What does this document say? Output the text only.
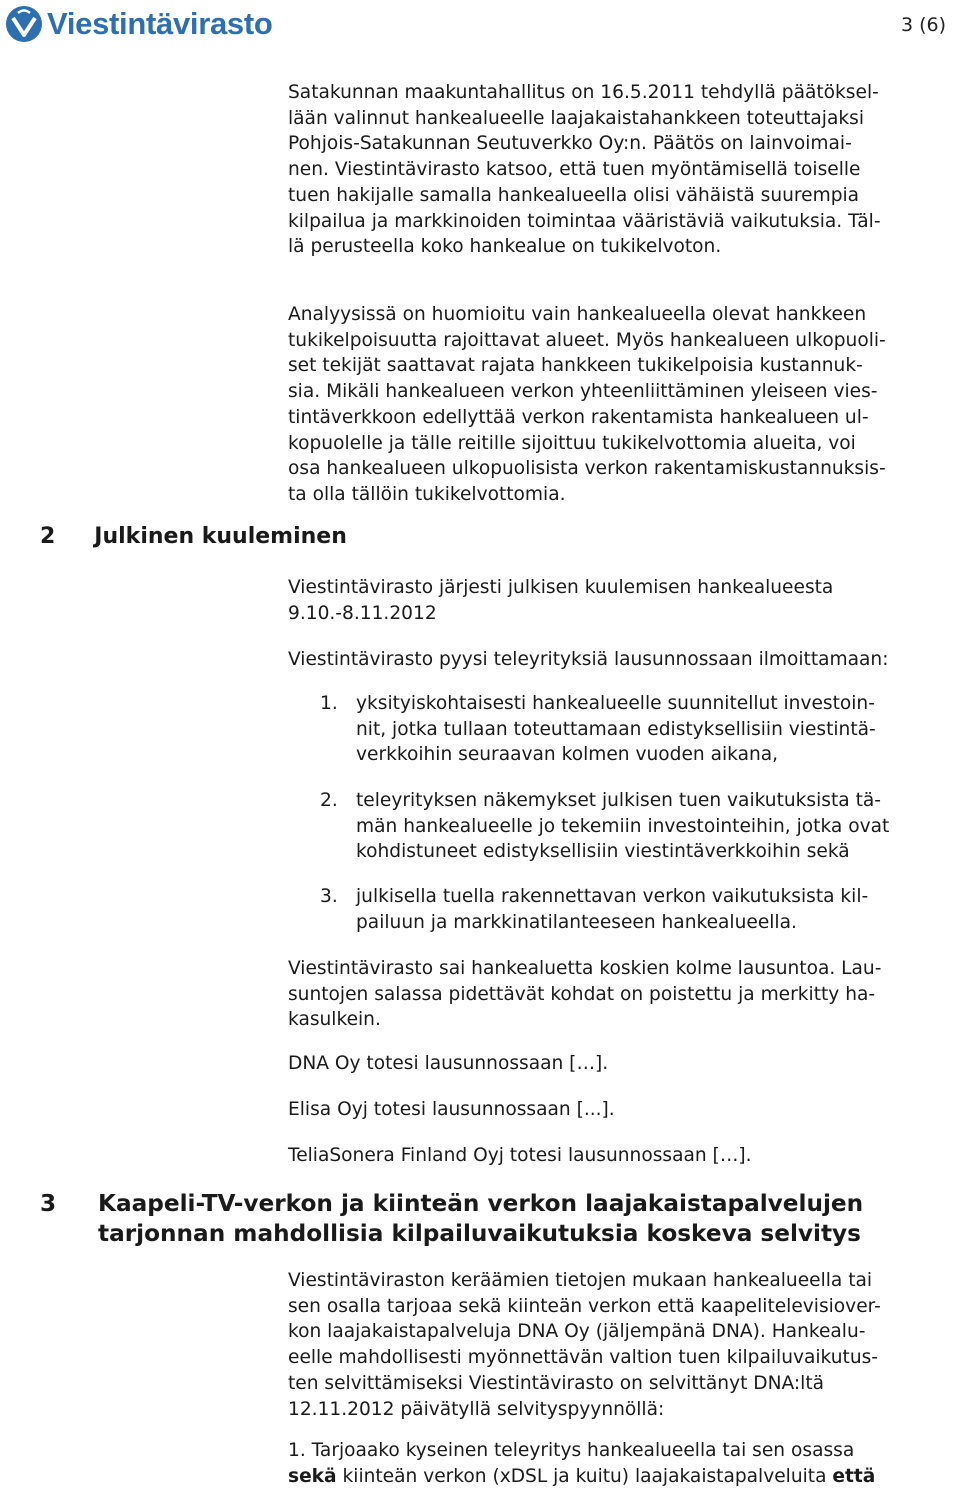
Viestintävirasto	3 (6)

Satakunnan maakuntahallitus on 16.5.2011 tehdyllä päätöksel-
lään valinnut hankealueelle laajakaistahankkeen toteuttajaksi
Pohjois-Satakunnan Seutuverkko Oy:n. Päätös on lainvoimai-
nen. Viestintävirasto katsoo, että tuen myöntämisellä toiselle
tuen hakijalle samalla hankealueella olisi vähäistä suurempia
kilpailua ja markkinoiden toimintaa vääristäviä vaikutuksia. Täl-
lä perusteella koko hankealue on tukikelvoton.

Analyysissä on huomioitu vain hankealueella olevat hankkeen
tukikelpoisuutta rajoittavat alueet. Myös hankealueen ulkopuoli-
set tekijät saattavat rajata hankkeen tukikelpoisia kustannuk-
sia. Mikäli hankealueen verkon yhteenliittäminen yleiseen vies-
tintäverkkoon edellyttää verkon rakentamista hankealueen ul-
kopuolelle ja tälle reitille sijoittuu tukikelvottomia alueita, voi
osa hankealueen ulkopuolisista verkon rakentamiskustannuksis-
ta olla tällöin tukikelvottomia.

2 Julkinen kuuleminen

Viestintävirasto järjesti julkisen kuulemisen hankealueesta
9.10.-8.11.2012

Viestintävirasto pyysi teleyrityksiä lausunnossaan ilmoittamaan:

1. yksityiskohtaisesti hankealueelle suunnitellut investoin-
nit, jotka tullaan toteuttamaan edistyksellisiin viestintä-
verkkoihin seuraavan kolmen vuoden aikana,

2. teleyrityksen näkemykset julkisen tuen vaikutuksista tä-
män hankealueelle jo tekemiin investointeihin, jotka ovat
kohdistuneet edistyksellisiin viestintäverkkoihin sekä

3. julkisella tuella rakennettavan verkon vaikutuksista kil-
pailuun ja markkinatilanteeseen hankealueella.

Viestintävirasto sai hankealuetta koskien kolme lausuntoa. Lau-
suntojen salassa pidettävät kohdat on poistettu ja merkitty ha-
kasulkein.

DNA Oy totesi lausunnossaan […].

Elisa Oyj totesi lausunnossaan [...].

TeliaSonera Finland Oyj totesi lausunnossaan […].

3 Kaapeli-TV-verkon ja kiinteän verkon laajakaistapalvelujen
tarjonnan mahdollisia kilpailuvaikutuksia koskeva selvitys

Viestintäviraston keräämien tietojen mukaan hankealueella tai
sen osalla tarjoaa sekä kiinteän verkon että kaapelitelevisiover-
kon laajakaistapalveluja DNA Oy (jäljempänä DNA). Hankealu-
eelle mahdollisesti myönnettävän valtion tuen kilpailuvaikutus-
ten selvittämiseksi Viestintävirasto on selvittänyt DNA:ltä
12.11.2012 päivätyllä selvityspyynnöllä:

1. Tarjoaako kyseinen teleyritys hankealueella tai sen osassa
sekä kiinteän verkon (xDSL ja kuitu) laajakaistapalveluita että
